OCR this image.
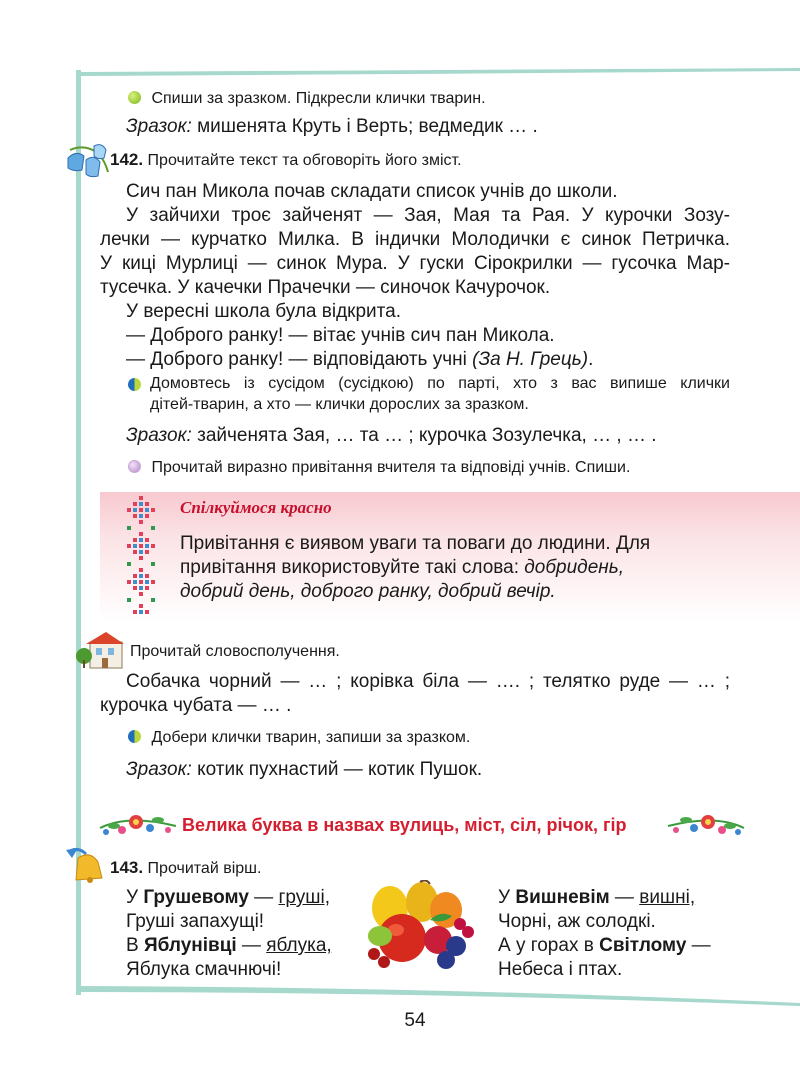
Спиши за зразком. Підкресли клички тварин.
Зразок: мишенята Круть і Верть; ведмедик … .
142. Прочитайте текст та обговоріть його зміст.
Сич пан Микола почав складати список учнів до школи.
У зайчихи троє зайченят — Зая, Мая та Рая. У курочки Зозу-
лечки — курчатко Милка. В індички Молодички є синок Петричка.
У киці Мурлиці — синок Мура. У гуски Сірокрилки — гусочка Мар-
тусечка. У качечки Прачечки — синочок Качурочок.
У вересні школа була відкрита.
— Доброго ранку! — вітає учнів сич пан Микола.
— Доброго ранку! — відповідають учні (За Н. Грець).
Домовтесь із сусідом (сусідкою) по парті, хто з вас випише клички
дітей-тварин, а хто — клички дорослих за зразком.
Зразок: зайченята Зая, … та … ; курочка Зозулечка, … , … .
Прочитай виразно привітання вчителя та відповіді учнів. Спиши.
Спілкуймося красно
Привітання є виявом уваги та поваги до людини. Для
привітання використовуйте такі слова: добридень,
добрий день, доброго ранку, добрий вечір.
Прочитай словосполучення.
Собачка чорний — … ; корівка біла — …. ; телятко руде — … ;
курочка чубата — … .
Добери клички тварин, запиши за зразком.
Зразок: котик пухнастий — котик Пушок.
Велика буква в назвах вулиць, міст, сіл, річок, гір
143. Прочитай вірш.
У Грушевому — груші,
Груші запахущі!
В Яблунівці — яблука,
Яблука смачнючі!
У Вишневім — вишні,
Чорні, аж солодкі.
А у горах в Світлому —
Небеса і птах.
54
